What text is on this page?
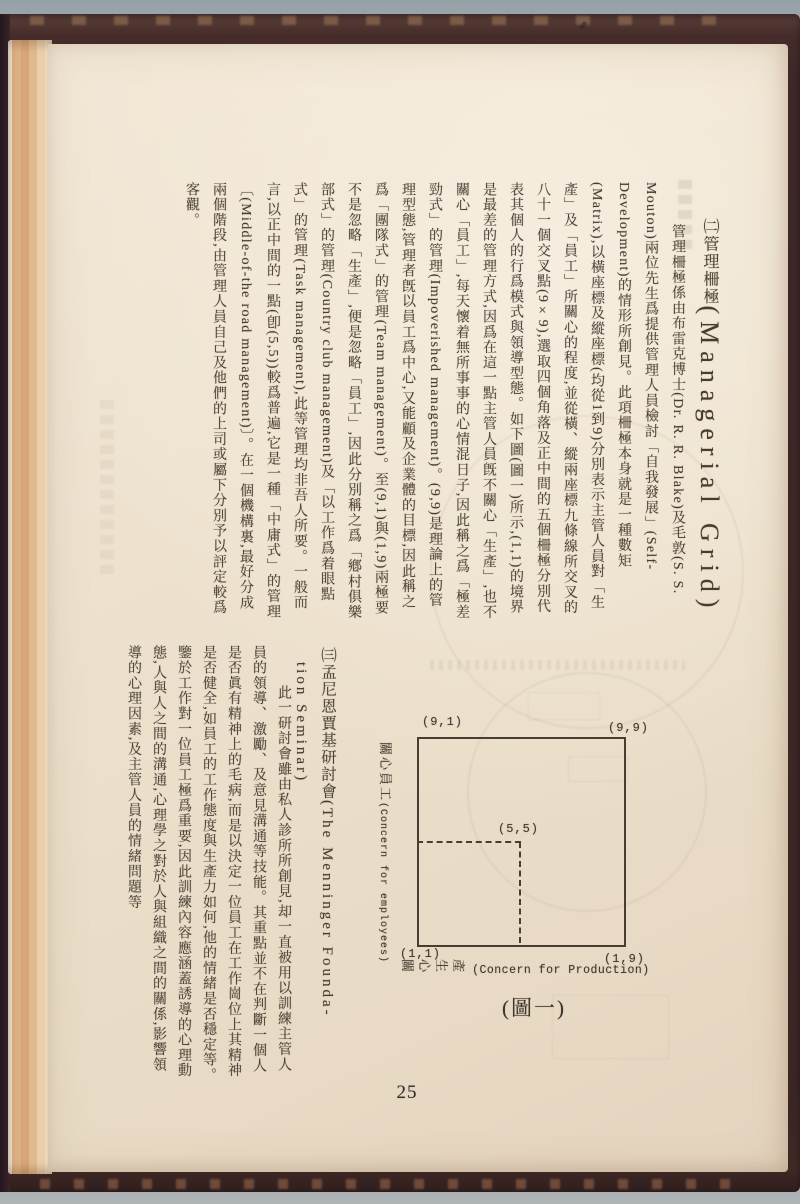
㈡管理柵極(Managerial Grid)
管理柵極係由布雷克博士(Dr. R. R. Blake)及毛敦(S. S. Mouton)兩位先生爲提供管理人員檢討「自我發展」(Self-Development)的情形所創見。此項柵極本身就是一種數矩(Matrix),以橫座標及縱座標(均從1到9)分別表示主管人員對「生產」及「員工」所關心的程度,並從橫、縱兩座標九條線所交叉的八十一個交叉點(9×9),選取四個角落及正中間的五個柵極分別代表其個人的行爲模式與領導型態。如下圖(圖一)所示,(1,1)的境界是最差的管理方式,因爲在這一點主管人員旣不關心「生產」,也不關心「員工」,每天懷着無所事事的心情混日子,因此稱之爲「極差勁式」的管理(Impoverished management)。(9,9)是理論上的管理型態,管理者旣以員工爲中心,又能顧及企業體的目標,因此稱之爲「團隊式」的管理(Team management)。至(9,1)與(1,9)兩極要不是忽略「生產」,便是忽略「員工」,因此分別稱之爲「鄕村俱樂部式」的管理(Country club management)及「以工作爲着眼點式」的管理(Task management),此等管理均非吾人所要。一般而言,以正中間的一點(卽(5,5))較爲普遍,它是一種「中庸式」的管理〔(Middle-of-the road management)〕。在一個機構裏,最好分成兩個階段,由管理人員自己及他們的上司或屬下分別予以評定較爲客觀。
㈢孟尼恩賈基研討會(The Menninger Founda-
tion Seminar)
此一研討會雖由私人診所所創見,却一直被用以訓練主管人員的領導、激勵、及意見溝通等技能。其重點並不在判斷一個人是否眞有精神上的毛病,而是以決定一位員工在工作崗位上其精神是否健全,如員工的工作態度與生產力如何,他的情緒是否穩定等。鑒於工作對一位員工極爲重要,因此訓練內容應涵蓋誘導的心理動態,人與人之間的溝通,心理學之對於人與組織之間的關係,影響領導的心理因素,及主管人員的情緒問題等	(9,1)	(9,9)
(1,1)	(1,9)
(5,5)
關心員工(Concern for employees)
關 心 生 產 (Concern for Production)
(圖一)
25
